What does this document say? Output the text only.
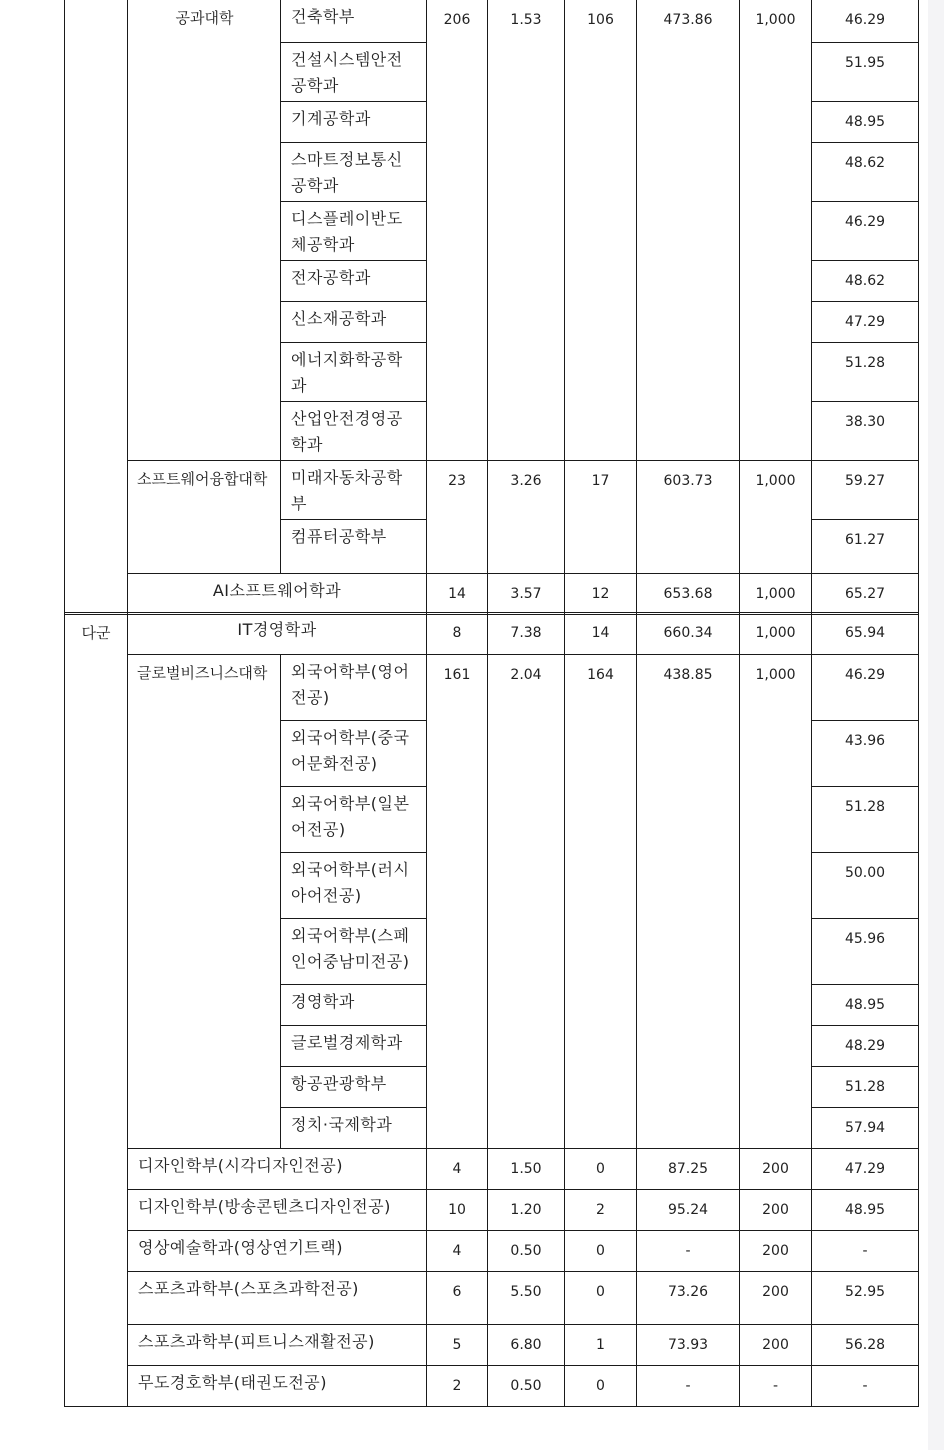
	공과대학	건축학부	206	1.53	106	473.86	1,000	46.29
		건설시스템안전공학과						51.95
		기계공학과						48.95
		스마트정보통신공학과						48.62
		디스플레이반도체공학과						46.29
		전자공학과						48.62
		신소재공학과						47.29
		에너지화학공학과						51.28
		산업안전경영공학과						38.30
	소프트웨어융합대학	미래자동차공학부	23	3.26	17	603.73	1,000	59.27
		컴퓨터공학부						61.27
	AI소프트웨어학과		14	3.57	12	653.68	1,000	65.27
다군	IT경영학과		8	7.38	14	660.34	1,000	65.94
	글로벌비즈니스대학	외국어학부(영어전공)	161	2.04	164	438.85	1,000	46.29
		외국어학부(중국어문화전공)						43.96
		외국어학부(일본어전공)						51.28
		외국어학부(러시아어전공)						50.00
		외국어학부(스페인어중남미전공)						45.96
		경영학과						48.95
		글로벌경제학과						48.29
		항공관광학부						51.28
		정치·국제학과						57.94
	디자인학부(시각디자인전공)		4	1.50	0	87.25	200	47.29
	디자인학부(방송콘텐츠디자인전공)		10	1.20	2	95.24	200	48.95
	영상예술학과(영상연기트랙)		4	0.50	0	-	200	-
	스포츠과학부(스포츠과학전공)		6	5.50	0	73.26	200	52.95
	스포츠과학부(피트니스재활전공)		5	6.80	1	73.93	200	56.28
	무도경호학부(태권도전공)		2	0.50	0	-	-	-
